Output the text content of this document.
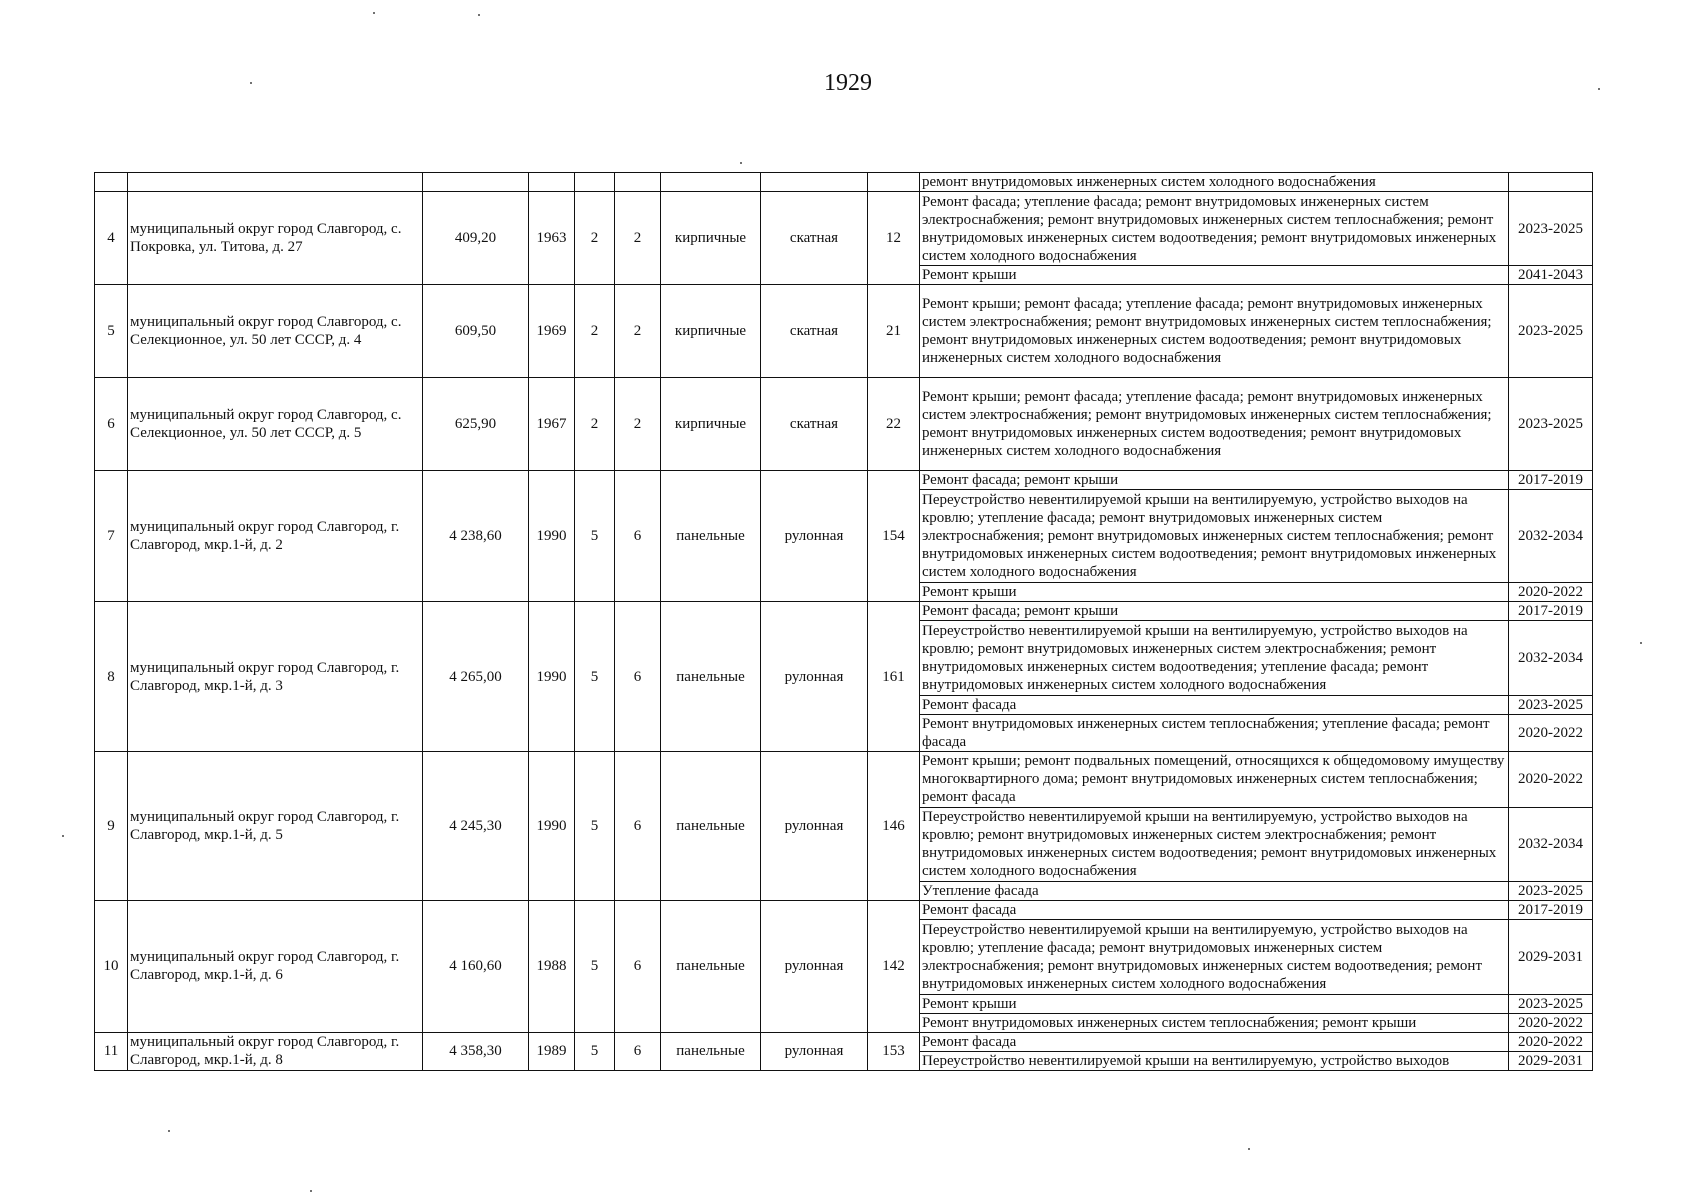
1929
									ремонт внутридомовых инженерных систем холодного водоснабжения	
4	муниципальный округ город Славгород, с. Покровка, ул. Титова, д. 27	409,20	1963	2	2	кирпичные	скатная	12	Ремонт фасада; утепление фасада; ремонт внутридомовых инженерных систем электроснабжения; ремонт внутридомовых инженерных систем теплоснабжения; ремонт внутридомовых инженерных систем водоотведения; ремонт внутридомовых инженерных систем холодного водоснабжения	2023-2025
									Ремонт крыши	2041-2043
5	муниципальный округ город Славгород, с. Селекционное, ул. 50 лет СССР, д. 4	609,50	1969	2	2	кирпичные	скатная	21	Ремонт крыши; ремонт фасада; утепление фасада; ремонт внутридомовых инженерных систем электроснабжения; ремонт внутридомовых инженерных систем теплоснабжения; ремонт внутридомовых инженерных систем водоотведения; ремонт внутридомовых инженерных систем холодного водоснабжения	2023-2025
6	муниципальный округ город Славгород, с. Селекционное, ул. 50 лет СССР, д. 5	625,90	1967	2	2	кирпичные	скатная	22	Ремонт крыши; ремонт фасада; утепление фасада; ремонт внутридомовых инженерных систем электроснабжения; ремонт внутридомовых инженерных систем теплоснабжения; ремонт внутридомовых инженерных систем водоотведения; ремонт внутридомовых инженерных систем холодного водоснабжения	2023-2025
7	муниципальный округ город Славгород, г. Славгород, мкр.1-й, д. 2	4 238,60	1990	5	6	панельные	рулонная	154	Ремонт фасада; ремонт крыши	2017-2019
									Переустройство невентилируемой крыши на вентилируемую, устройство выходов на кровлю; утепление фасада; ремонт внутридомовых инженерных систем электроснабжения; ремонт внутридомовых инженерных систем теплоснабжения; ремонт внутридомовых инженерных систем водоотведения; ремонт внутридомовых инженерных систем холодного водоснабжения	2032-2034
									Ремонт крыши	2020-2022
8	муниципальный округ город Славгород, г. Славгород, мкр.1-й, д. 3	4 265,00	1990	5	6	панельные	рулонная	161	Ремонт фасада; ремонт крыши	2017-2019
									Переустройство невентилируемой крыши на вентилируемую, устройство выходов на кровлю; ремонт внутридомовых инженерных систем электроснабжения; ремонт внутридомовых инженерных систем водоотведения; утепление фасада; ремонт внутридомовых инженерных систем холодного водоснабжения	2032-2034
									Ремонт фасада	2023-2025
									Ремонт внутридомовых инженерных систем теплоснабжения; утепление фасада; ремонт фасада	2020-2022
9	муниципальный округ город Славгород, г. Славгород, мкр.1-й, д. 5	4 245,30	1990	5	6	панельные	рулонная	146	Ремонт крыши; ремонт подвальных помещений, относящихся к общедомовому имуществу многоквартирного дома; ремонт внутридомовых инженерных систем теплоснабжения; ремонт фасада	2020-2022
									Переустройство невентилируемой крыши на вентилируемую, устройство выходов на кровлю; ремонт внутридомовых инженерных систем электроснабжения; ремонт внутридомовых инженерных систем водоотведения; ремонт внутридомовых инженерных систем холодного водоснабжения	2032-2034
									Утепление фасада	2023-2025
10	муниципальный округ город Славгород, г. Славгород, мкр.1-й, д. 6	4 160,60	1988	5	6	панельные	рулонная	142	Ремонт фасада	2017-2019
									Переустройство невентилируемой крыши на вентилируемую, устройство выходов на кровлю; утепление фасада; ремонт внутридомовых инженерных систем электроснабжения; ремонт внутридомовых инженерных систем водоотведения; ремонт внутридомовых инженерных систем холодного водоснабжения	2029-2031
									Ремонт крыши	2023-2025
									Ремонт внутридомовых инженерных систем теплоснабжения; ремонт крыши	2020-2022
11	муниципальный округ город Славгород, г. Славгород, мкр.1-й, д. 8	4 358,30	1989	5	6	панельные	рулонная	153	Ремонт фасада	2020-2022
									Переустройство невентилируемой крыши на вентилируемую, устройство выходов	2029-2031
